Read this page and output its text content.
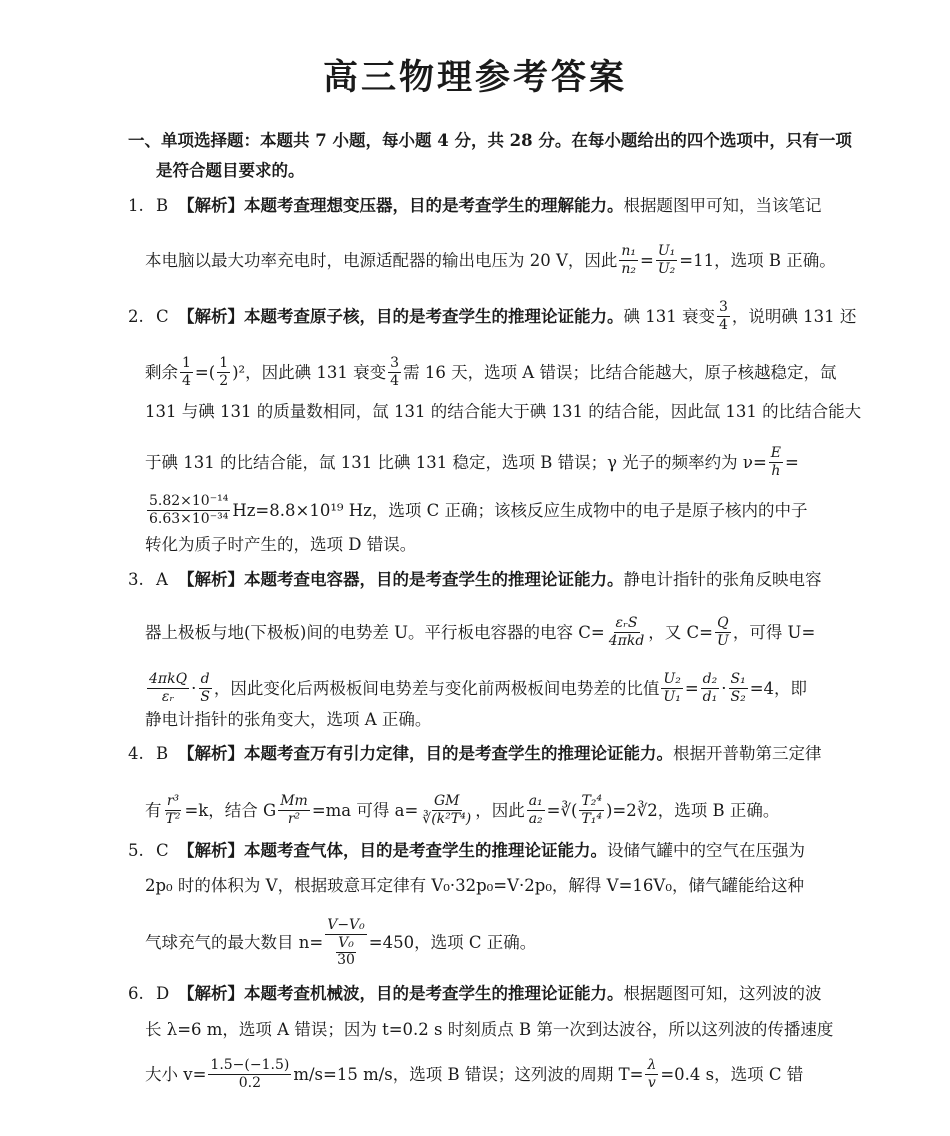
高三物理参考答案
一、单项选择题：本题共 7 小题，每小题 4 分，共 28 分。在每小题给出的四个选项中，只有一项
是符合题目要求的。
1. B 【解析】本题考查理想变压器，目的是考查学生的理解能力。 根据题图甲可知，当该笔记
本电脑以最大功率充电时，电源适配器的输出电压为 20 V，因此 $\frac{\text{n₁}}{\text{n₂}} = \frac{\text{U₁}}{\text{U₂}} =11$，选项 B 正确。
2. C 【解析】本题考查原子核，目的是考查学生的推理论证能力。 碘 131 衰变 $\frac{3}{4}$ ，说明碘 131 还
剩余 $\frac{1}{4}$ =( $\frac{1}{2} )^2$，因此碘 131 衰变 $\frac{3}{4}$ 需 16 天，选项 A 错误；比结合能越大，原子核越稳定，氙
131 与碘 131 的质量数相同，氙 131 的结合能大于碘 131 的结合能，因此氙 131 的比结合能大
于碘 131 的比结合能，氙 131 比碘 131 稳定，选项 B 错误；γ 光子的频率约为 $\nu= \frac{E}{h}$ =
$\frac{\text{5.82×10⁻¹⁴}}{\text{6.63×10⁻³⁴}} Hz=8.8\times 10^{19}$ Hz，选项 C 正确；该核反应生成物中的电子是原子核内的中子
转化为质子时产生的，选项 D 错误。
3. A 【解析】本题考查电容器，目的是考查学生的推理论证能力。 静电计指针的张角反映电容
器上极板与地(下极板)间的电势差 U。平行板电容器的电容 $C= \frac{\text{εᵣS}}{\text{4πkd}}$ ，又 $C= \frac{Q}{U}$ ，可得 U=
$\frac{\text{4πkQ}}{\text{εᵣ}} \cdot \frac{d}{S}$ ，因此变化后两极板间电势差与变化前两极板间电势差的比值 $\frac{\text{U₂}}{\text{U₁}} = \frac{\text{d₂}}{\text{d₁}} \cdot \frac{\text{S₁}}{\text{S₂}} =4$，即
静电计指针的张角变大，选项 A 正确。
4. B 【解析】本题考查万有引力定律，目的是考查学生的推理论证能力。 根据开普勒第三定律
有 $\frac{\text{r³}}{\text{T²}} =k$，结合 G $\frac{Mm}{\text{r²}} =ma$ 可得 $a= \frac{GM}{\text{∛(k²T⁴)}}$ ，因此 $\frac{\text{a₁}}{\text{a₂}}$ =∛( $\frac{\text{T₂⁴}}{\text{T₁⁴}}$ )=2∛2，选项 B 正确。
5. C 【解析】本题考查气体，目的是考查学生的推理论证能力。 设储气罐中的空气在压强为
2p₀ 时的体积为 V，根据玻意耳定律有 V₀·32p₀=V·2p₀，解得 V=16V₀，储气罐能给这种
气球充气的最大数目 n= V−V₀
V₀
30 =450，选项 C 正确。
6. D 【解析】本题考查机械波，目的是考查学生的推理论证能力。 根据题图可知，这列波的波
长 λ=6 m，选项 A 错误；因为 t=0.2 s 时刻质点 B 第一次到达波谷，所以这列波的传播速度
大小 $v= \frac{1.5-(-1.5)}{0.2} m/s=15$ m/s，选项 B 错误；这列波的周期 $T= \frac{\lambda}{v} =0.4$ s，选项 C 错
